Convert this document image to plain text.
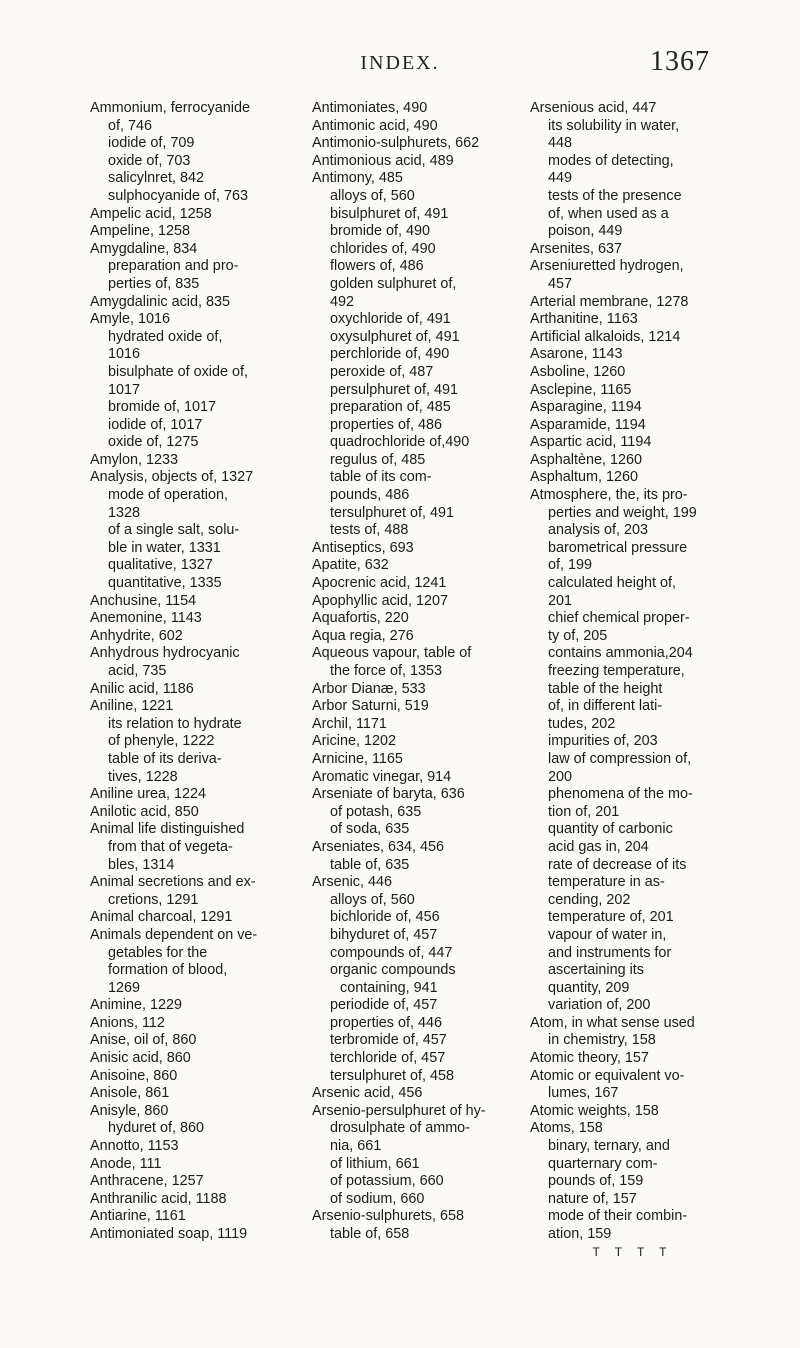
INDEX.	1367
Ammonium, ferrocyanide
of, 746
iodide of, 709
oxide of, 703
salicylnret, 842
sulphocyanide of, 763
Ampelic acid, 1258
Ampeline, 1258
Amygdaline, 834
preparation and pro-
perties of, 835
Amygdalinic acid, 835
Amyle, 1016
hydrated oxide of,
1016
bisulphate of oxide of,
1017
bromide of, 1017
iodide of, 1017
oxide of, 1275
Amylon, 1233
Analysis, objects of, 1327
mode of operation,
1328
of a single salt, solu-
ble in water, 1331
qualitative, 1327
quantitative, 1335
Anchusine, 1154
Anemonine, 1143
Anhydrite, 602
Anhydrous hydrocyanic
acid, 735
Anilic acid, 1186
Aniline, 1221
its relation to hydrate
of phenyle, 1222
table of its deriva-
tives, 1228
Aniline urea, 1224
Anilotic acid, 850
Animal life distinguished
from that of vegeta-
bles, 1314
Animal secretions and ex-
cretions, 1291
Animal charcoal, 1291
Animals dependent on ve-
getables for the
formation of blood,
1269
Animine, 1229
Anions, 112
Anise, oil of, 860
Anisic acid, 860
Anisoine, 860
Anisole, 861
Anisyle, 860
hyduret of, 860
Annotto, 1153
Anode, 111
Anthracene, 1257
Anthranilic acid, 1188
Antiarine, 1161
Antimoniated soap, 1119
Antimoniates, 490
Antimonic acid, 490
Antimonio-sulphurets, 662
Antimonious acid, 489
Antimony, 485
alloys of, 560
bisulphuret of, 491
bromide of, 490
chlorides of, 490
flowers of, 486
golden sulphuret of,
492
oxychloride of, 491
oxysulphuret of, 491
perchloride of, 490
peroxide of, 487
persulphuret of, 491
preparation of, 485
properties of, 486
quadrochloride of,490
regulus of, 485
table of its com-
pounds, 486
tersulphuret of, 491
tests of, 488
Antiseptics, 693
Apatite, 632
Apocrenic acid, 1241
Apophyllic acid, 1207
Aquafortis, 220
Aqua regia, 276
Aqueous vapour, table of
the force of, 1353
Arbor Dianæ, 533
Arbor Saturni, 519
Archil, 1171
Aricine, 1202
Arnicine, 1165
Aromatic vinegar, 914
Arseniate of baryta, 636
of potash, 635
of soda, 635
Arseniates, 634, 456
table of, 635
Arsenic, 446
alloys of, 560
bichloride of, 456
bihyduret of, 457
compounds of, 447
organic compounds
containing, 941
periodide of, 457
properties of, 446
terbromide of, 457
terchloride of, 457
tersulphuret of, 458
Arsenic acid, 456
Arsenio-persulphuret of hy-
drosulphate of ammo-
nia, 661
of lithium, 661
of potassium, 660
of sodium, 660
Arsenio-sulphurets, 658
table of, 658
Arsenious acid, 447
its solubility in water,
448
modes of detecting,
449
tests of the presence
of, when used as a
poison, 449
Arsenites, 637
Arseniuretted hydrogen,
457
Arterial membrane, 1278
Arthanitine, 1163
Artificial alkaloids, 1214
Asarone, 1143
Asboline, 1260
Asclepine, 1165
Asparagine, 1194
Asparamide, 1194
Aspartic acid, 1194
Asphaltène, 1260
Asphaltum, 1260
Atmosphere, the, its pro-
perties and weight, 199
analysis of, 203
barometrical pressure
of, 199
calculated height of,
201
chief chemical proper-
ty of, 205
contains ammonia,204
freezing temperature,
table of the height
of, in different lati-
tudes, 202
impurities of, 203
law of compression of,
200
phenomena of the mo-
tion of, 201
quantity of carbonic
acid gas in, 204
rate of decrease of its
temperature in as-
cending, 202
temperature of, 201
vapour of water in,
and instruments for
ascertaining its
quantity, 209
variation of, 200
Atom, in what sense used
in chemistry, 158
Atomic theory, 157
Atomic or equivalent vo-
lumes, 167
Atomic weights, 158
Atoms, 158
binary, ternary, and
quarternary com-
pounds of, 159
nature of, 157
mode of their combin-
ation, 159
T T T T
